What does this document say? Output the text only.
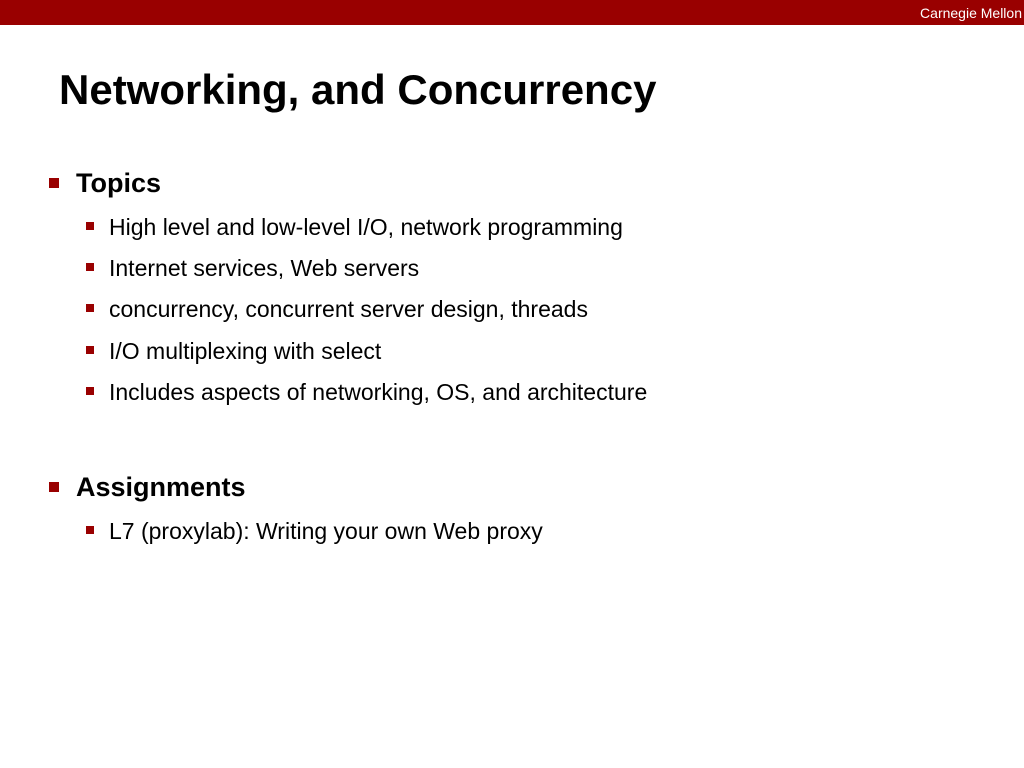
Carnegie Mellon
Networking, and Concurrency
Topics
High level and low-level I/O, network programming
Internet services, Web servers
concurrency, concurrent server design, threads
I/O multiplexing with select
Includes aspects of networking, OS, and architecture
Assignments
L7 (proxylab): Writing your own Web proxy
